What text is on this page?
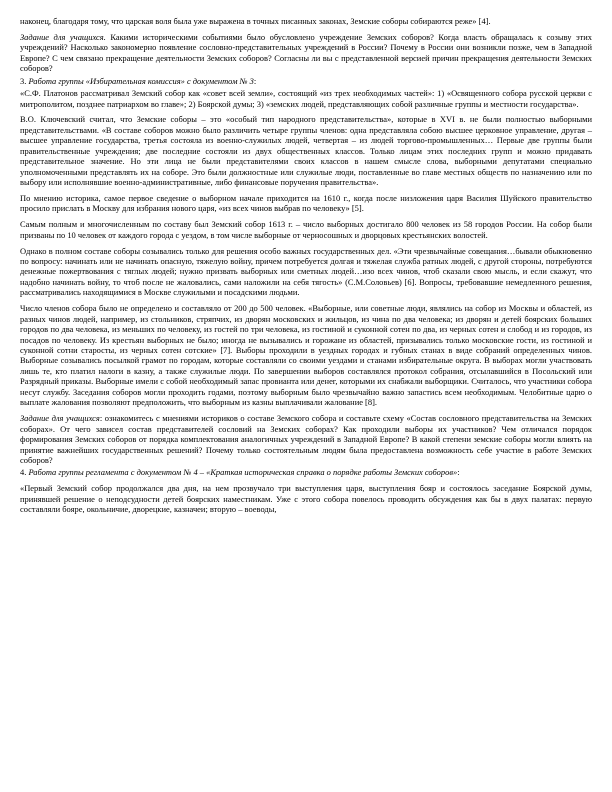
наконец, благодаря тому, что царская воля была уже выражена в точных писанных законах, Земские соборы собираются реже» [4].

Задание для учащихся. Какими историческими событиями было обусловлено учреждение Земских соборов? Когда власть обращалась к созыву этих учреждений? Насколько закономерно появление сословно-представительных учреждений в России? Почему в России они возникли позже, чем в Западной Европе? С чем связано прекращение деятельности Земских соборов? Согласны ли вы с представленной версией причин прекращения деятельности Земских соборов?

3. Работа группы «Избирательная комиссия» с документом № 3:

«С.Ф. Платонов рассматривал Земский собор как «совет всей земли», состоящий «из трех необходимых частей»: 1) «Освященного собора русской церкви с митрополитом, позднее патриархом во главе»; 2) Боярской думы; 3) «земских людей, представляющих собой различные группы и местности государства».

В.О. Ключевский считал, что Земские соборы – это «особый тип народного представительства», которые в XVI в. не были полностью выборными представительствами. «В составе соборов можно было различить четыре группы членов: одна представляла собою высшее церковное управление, другая – высшее управление государства, третья состояла из военно-служилых людей, четвертая – из людей торгово-промышленных… Первые две группы были правительственные учреждения; две последние состояли из двух общественных классов. Только лицам этих последних групп и можно придавать представительное значение. Но эти лица не были представителями своих классов в нашем смысле слова, выборными депутатами специально уполномоченными представлять их на соборе. Это были должностные или служилые люди, поставленные во главе местных обществ по назначению или по выбору или исполнявшие военно-административные, либо финансовые поручения правительства».

По мнению историка, самое первое сведение о выборном начале приходится на 1610 г., когда после низложения царя Василия Шуйского правительство просило прислать в Москву для избрания нового царя, «из всех чинов выбрав по человеку» [5].

Самым полным и многочисленным по составу был Земский собор 1613 г. – число выборных достигало 800 человек из 58 городов России. На собор были призваны по 10 человек от каждого города с уездом, в том числе выборные от черносошных и дворцовых крестьянских волостей.

Однако в полном составе соборы созывались только для решения особо важных государственных дел. «Эти чрезвычайные совещания…бывали обыкновенно по вопросу: начинать или не начинать опасную, тяжелую войну, причем потребуется долгая и тяжелая служба ратных людей, с другой стороны, потребуются денежные пожертвования с тяглых людей; нужно призвать выборных или сметных людей…изо всех чинов, чтоб сказали свою мысль, и если скажут, что надобно начинать войну, то чтоб после не жаловались, сами наложили на себя тягость» (С.М.Соловьев) [6]. Вопросы, требовавшие немедленного решения, рассматривались находящимися в Москве служилыми и посадскими людьми.

Число членов собора было не определено и составляло от 200 до 500 человек. «Выборные, или советные люди, являлись на собор из Москвы и областей, из разных чинов людей, например, из стольников, стряпчих, из дворян московских и жильцов, из чина по два человека; из дворян и детей боярских больших городов по два человека, из меньших по человеку, из гостей по три человека, из гостиной и суконной сотен по два, из черных сотен и слобод и из городов, из посадов по человеку. Из крестьян выборных не было; иногда не вызывались и горожане из областей, призывались только московские гости, из гостиной и суконной сотни старосты, из черных сотен сотские» [7]. Выборы проходили в уездных городах и губных станах в виде собраний определенных чинов. Выборные созывались посылкой грамот по городам, которые составляли со своими уездами и станами избирательные округа. В выборах могли участвовать лишь те, кто платил налоги в казну, а также служилые люди. По завершении выборов составлялся протокол собрания, отсылавшийся в Посольский или Разрядный приказы. Выборные имели с собой необходимый запас провианта или денег, которыми их снабжали выборщики. Считалось, что участники собора несут службу. Заседания соборов могли проходить годами, поэтому выборным было чрезвычайно важно запастись всем необходимым. Челобитные царю о выплате жалования позволяют предположить, что выборным из казны выплачивали жалование [8].

Задание для учащихся: ознакомитесь с мнениями историков о составе Земского собора и составьте схему «Состав сословного представительства на Земских соборах». От чего зависел состав представителей сословий на Земских соборах? Как проходили выборы их участников? Чем отличался порядок формирования Земских соборов от порядка комплектования аналогичных учреждений в Западной Европе? В какой степени земские соборы могли влиять на принятие важнейших государственных решений? Почему только состоятельным людям была предоставлена возможность себе участие в работе Земских соборов?

4. Работа группы регламента с документом № 4 – «Краткая историческая справка о порядке работы Земских соборов»:

«Первый Земский собор продолжался два дня, на нем прозвучало три выступления царя, выступления бояр и состоялось заседание Боярской думы, принявшей решение о неподсудности детей боярских наместникам. Уже с этого собора повелось проводить обсуждения как бы в двух палатах: первую составляли бояре, окольничие, дворецкие, казначеи; вторую – воеводы,
